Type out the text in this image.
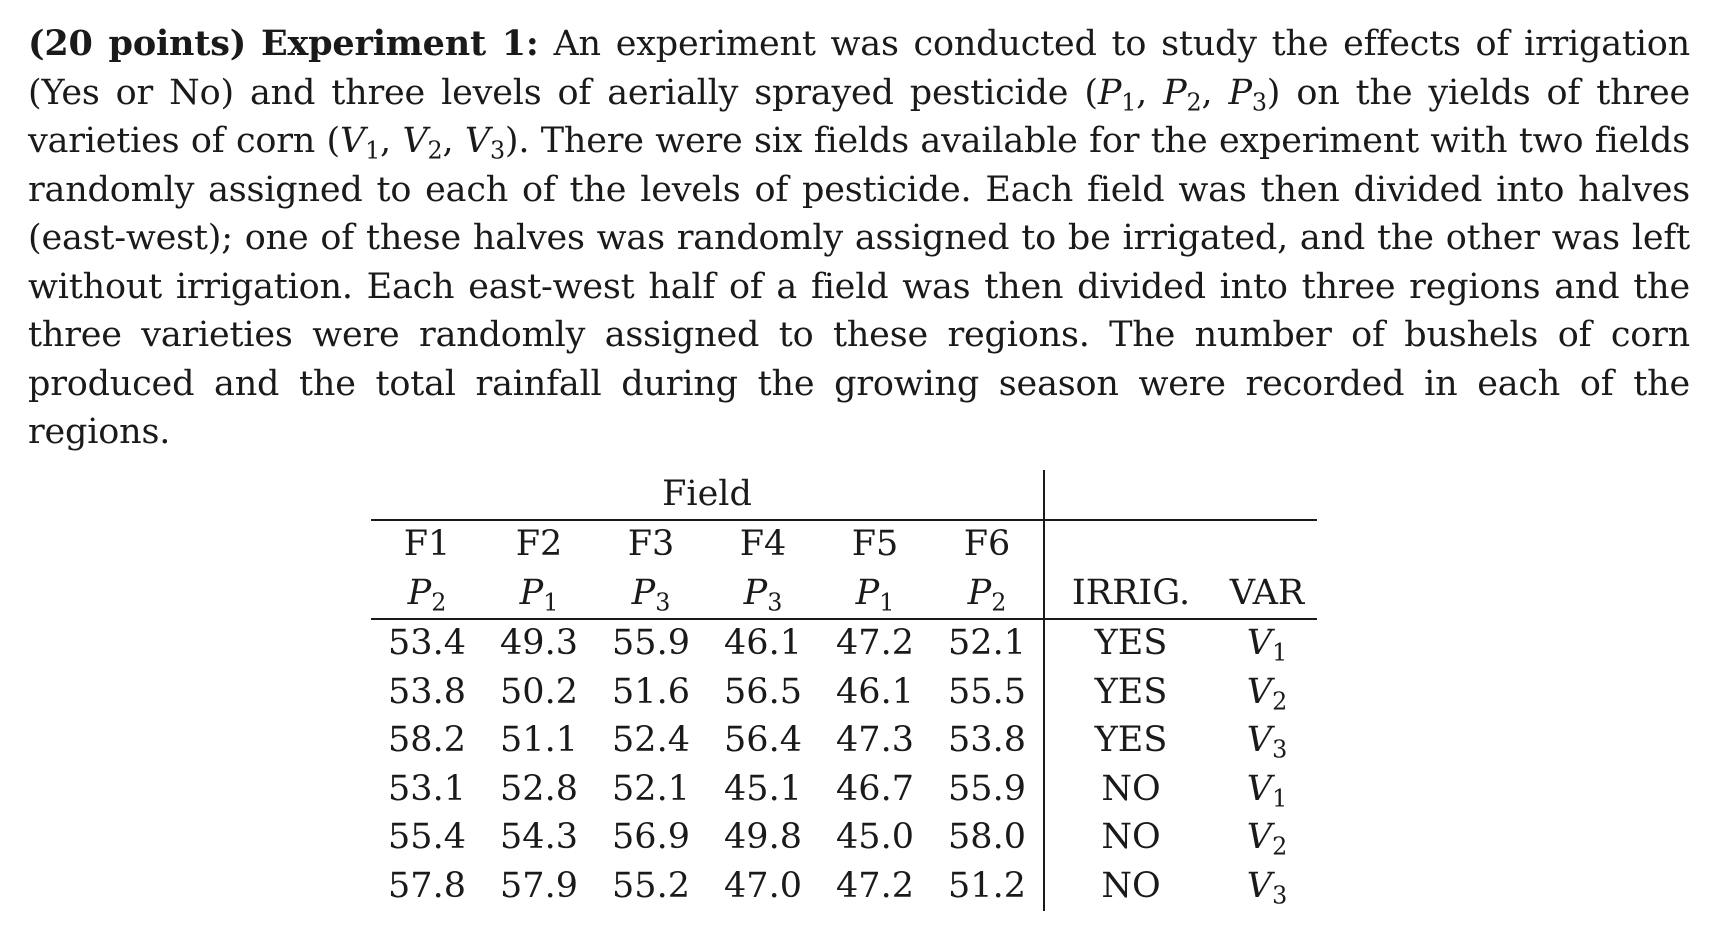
(20 points) Experiment 1: An experiment was conducted to study the effects of irrigation (Yes or No) and three levels of aerially sprayed pesticide ($P_1$, $P_2$, $P_3$) on the yields of three varieties of corn ($V_1$, $V_2$, $V_3$). There were six fields available for the experiment with two fields randomly assigned to each of the levels of pesticide. Each field was then divided into halves (east-west); one of these halves was randomly assigned to be irrigated, and the other was left without irrigation. Each east-west half of a field was then divided into three regions and the three varieties were randomly assigned to these regions. The number of bushels of corn produced and the total rainfall during the growing season were recorded in each of the regions.

Field							
F1	F2	F3	F4	F5	F6		
$P_2$	$P_1$	$P_3$	$P_3$	$P_1$	$P_2$	IRRIG.	VAR
53.4	49.3	55.9	46.1	47.2	52.1	YES	$V_1$
53.8	50.2	51.6	56.5	46.1	55.5	YES	$V_2$
58.2	51.1	52.4	56.4	47.3	53.8	YES	$V_3$
53.1	52.8	52.1	45.1	46.7	55.9	NO	$V_1$
55.4	54.3	56.9	49.8	45.0	58.0	NO	$V_2$
57.8	57.9	55.2	47.0	47.2	51.2	NO	$V_3$
